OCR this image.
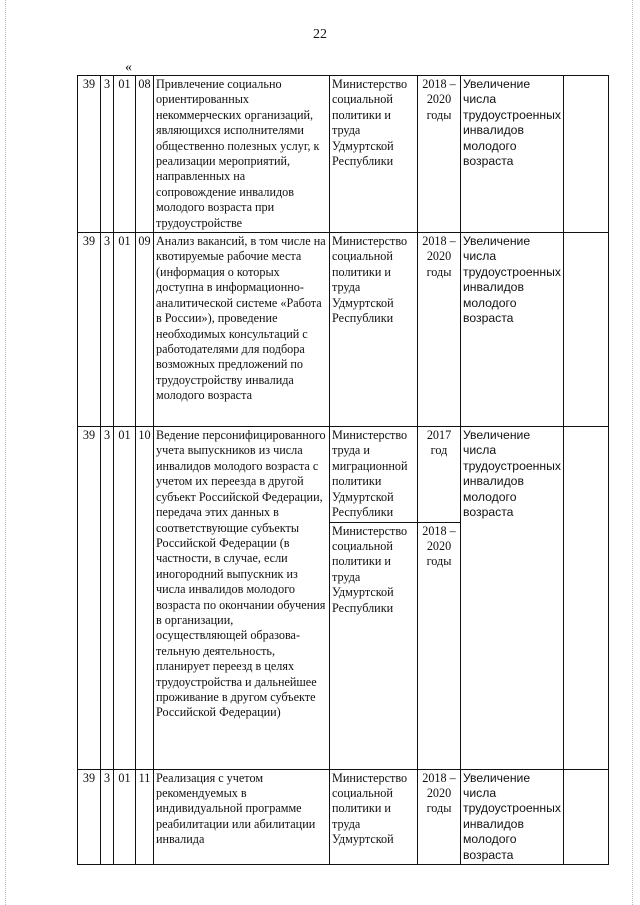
22
«
39	3	01	08	Привлечение социально ориентированных некоммерческих организаций, являющихся исполнителями общественно полезных услуг, к реализации мероприятий, направленных на сопровождение инвалидов молодого возраста при трудоустройстве	Министерство социальной политики и труда Удмуртской Республики	2018 – 2020 годы	Увеличение числа трудоустроенных инвалидов молодого возраста	
39	3	01	09	Анализ вакансий, в том числе на квотируемые рабочие места (информация о которых доступна в информационно-аналитической системе «Работа в России»), проведение необходимых консультаций с работодателями для подбора возможных предложений по трудоустройству инвалида молодого возраста	Министерство социальной политики и труда Удмуртской Республики	2018 – 2020 годы	Увеличение числа трудоустроенных инвалидов молодого возраста	
39	3	01	10	Ведение персонифицированного учета выпускников из числа инвалидов молодого возраста с учетом их переезда в другой субъект Российской Федерации, передача этих данных в соответствующие субъекты Российской Федерации (в частности, в случае, если иногородний выпускник из числа инвалидов молодого возраста по окончании обучения в организации, осуществляющей образова-тельную деятельность, планирует переезд в целях трудоустройства и дальнейшее проживание в другом субъекте Российской Федерации)	Министерство труда и миграционной политики Удмуртской Республики	2017 год	Увеличение числа трудоустроенных инвалидов молодого возраста	
					Министерство социальной политики и труда Удмуртской Республики	2018 – 2020 годы		
39	3	01	11	Реализация с учетом рекомендуемых в индивидуальной программе реабилитации или абилитации инвалида	Министерство социальной политики и труда Удмуртской	2018 – 2020 годы	Увеличение числа трудоустроенных инвалидов молодого возраста	
